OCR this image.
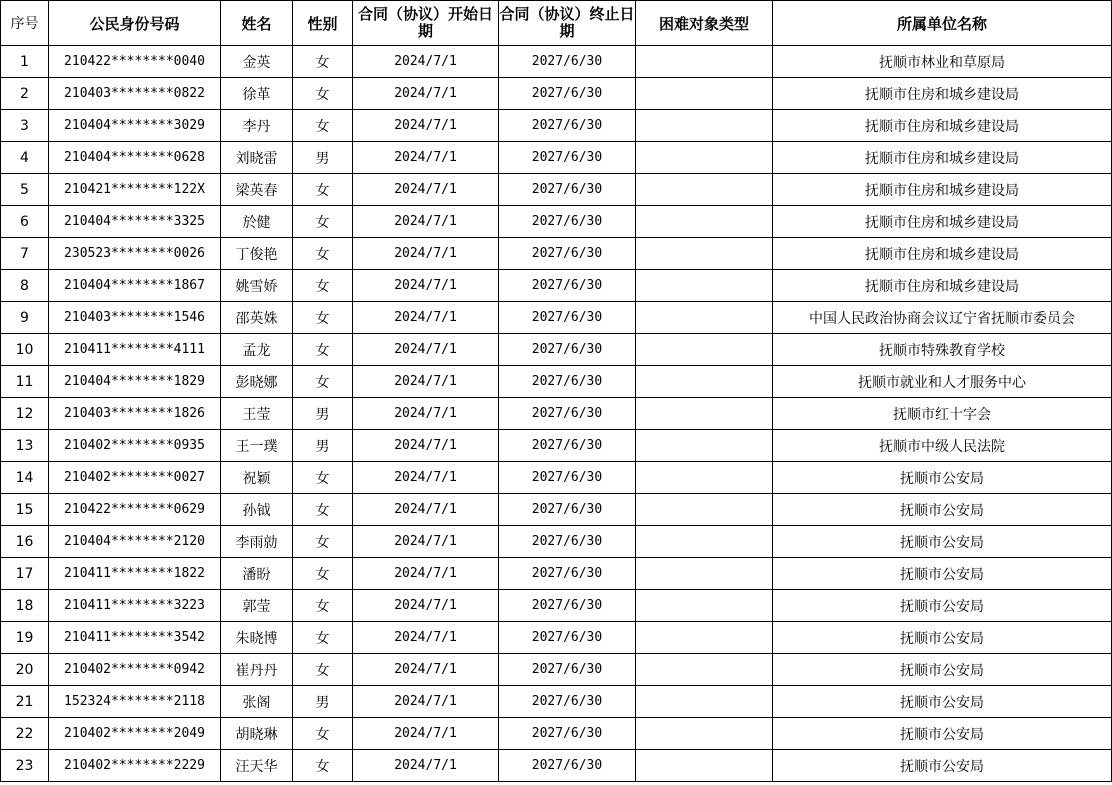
序号	公民身份号码	姓名	性别	合同（协议）开始日期	合同（协议）终止日期	困难对象类型	所属单位名称
1	210422********0040	金英	女	2024/7/1	2027/6/30		抚顺市林业和草原局
2	210403********0822	徐革	女	2024/7/1	2027/6/30		抚顺市住房和城乡建设局
3	210404********3029	李丹	女	2024/7/1	2027/6/30		抚顺市住房和城乡建设局
4	210404********0628	刘晓雷	男	2024/7/1	2027/6/30		抚顺市住房和城乡建设局
5	210421********122X	梁英春	女	2024/7/1	2027/6/30		抚顺市住房和城乡建设局
6	210404********3325	於健	女	2024/7/1	2027/6/30		抚顺市住房和城乡建设局
7	230523********0026	丁俊艳	女	2024/7/1	2027/6/30		抚顺市住房和城乡建设局
8	210404********1867	姚雪娇	女	2024/7/1	2027/6/30		抚顺市住房和城乡建设局
9	210403********1546	邵英姝	女	2024/7/1	2027/6/30		中国人民政治协商会议辽宁省抚顺市委员会
10	210411********4111	孟龙	女	2024/7/1	2027/6/30		抚顺市特殊教育学校
11	210404********1829	彭晓娜	女	2024/7/1	2027/6/30		抚顺市就业和人才服务中心
12	210403********1826	王莹	男	2024/7/1	2027/6/30		抚顺市红十字会
13	210402********0935	王一璞	男	2024/7/1	2027/6/30		抚顺市中级人民法院
14	210402********0027	祝颖	女	2024/7/1	2027/6/30		抚顺市公安局
15	210422********0629	孙钺	女	2024/7/1	2027/6/30		抚顺市公安局
16	210404********2120	李雨勍	女	2024/7/1	2027/6/30		抚顺市公安局
17	210411********1822	潘盼	女	2024/7/1	2027/6/30		抚顺市公安局
18	210411********3223	郭莹	女	2024/7/1	2027/6/30		抚顺市公安局
19	210411********3542	朱晓博	女	2024/7/1	2027/6/30		抚顺市公安局
20	210402********0942	崔丹丹	女	2024/7/1	2027/6/30		抚顺市公安局
21	152324********2118	张阁	男	2024/7/1	2027/6/30		抚顺市公安局
22	210402********2049	胡晓琳	女	2024/7/1	2027/6/30		抚顺市公安局
23	210402********2229	汪天华	女	2024/7/1	2027/6/30		抚顺市公安局
